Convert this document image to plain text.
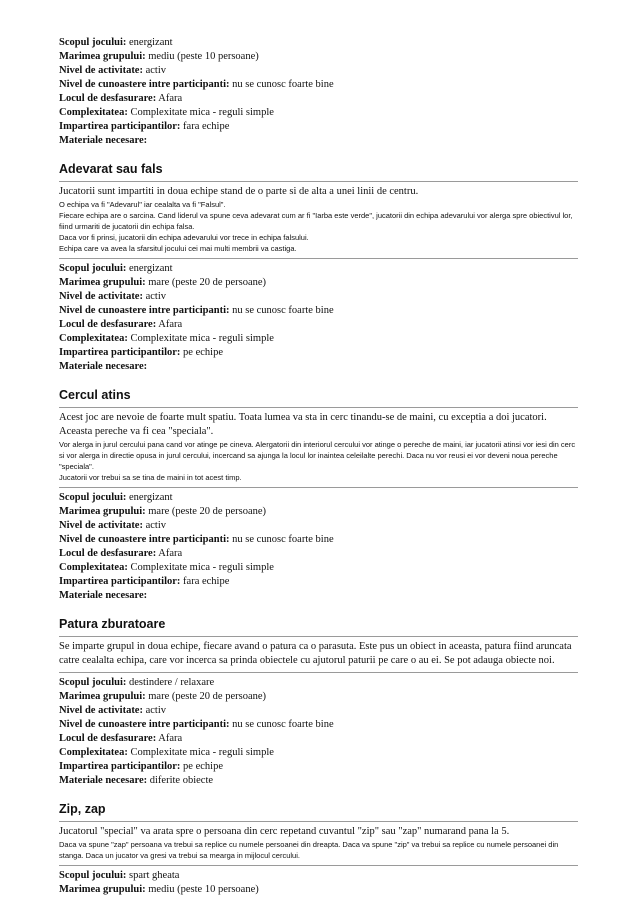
Scopul jocului: energizant
Marimea grupului: mediu (peste 10 persoane)
Nivel de activitate: activ
Nivel de cunoastere intre participanti: nu se cunosc foarte bine
Locul de desfasurare: Afara
Complexitatea: Complexitate mica - reguli simple
Impartirea participantilor: fara echipe
Materiale necesare:
Adevarat sau fals
Jucatorii sunt impartiti in doua echipe stand de o parte si de alta a unei linii de centru.
O echipa va fi "Adevarul" iar cealalta va fi "Falsul".
Fiecare echipa are o sarcina. Cand liderul va spune ceva adevarat cum ar fi "Iarba este verde", jucatorii din echipa adevarului vor alerga spre obiectivul lor, fiind urmariti de jucatorii din echipa falsa.
Daca vor fi prinsi, jucatorii din echipa adevarului vor trece in echipa falsului.
Echipa care va avea la sfarsitul jocului cei mai multi membrii va castiga.
Scopul jocului: energizant
Marimea grupului: mare (peste 20 de persoane)
Nivel de activitate: activ
Nivel de cunoastere intre participanti: nu se cunosc foarte bine
Locul de desfasurare: Afara
Complexitatea: Complexitate mica - reguli simple
Impartirea participantilor: pe echipe
Materiale necesare:
Cercul atins
Acest joc are nevoie de foarte mult spatiu. Toata lumea va sta in cerc tinandu-se de maini, cu exceptia a doi jucatori. Aceasta pereche va fi cea "speciala".
Vor alerga in jurul cercului pana cand vor atinge pe cineva. Alergatorii din interiorul cercului vor atinge o pereche de maini, iar jucatorii atinsi vor iesi din cerc si vor alerga in directie opusa in jurul cercului, incercand sa ajunga la locul lor inaintea celeilalte perechi. Daca nu vor reusi ei vor deveni noua pereche "speciala".
Jucatorii vor trebui sa se tina de maini in tot acest timp.
Scopul jocului: energizant
Marimea grupului: mare (peste 20 de persoane)
Nivel de activitate: activ
Nivel de cunoastere intre participanti: nu se cunosc foarte bine
Locul de desfasurare: Afara
Complexitatea: Complexitate mica - reguli simple
Impartirea participantilor: fara echipe
Materiale necesare:
Patura zburatoare
Se imparte grupul in doua echipe, fiecare avand o patura ca o parasuta. Este pus un obiect in aceasta, patura fiind aruncata catre cealalta echipa, care vor incerca sa prinda obiectele cu ajutorul paturii pe care o au ei. Se pot adauga obiecte noi.
Scopul jocului: destindere / relaxare
Marimea grupului: mare (peste 20 de persoane)
Nivel de activitate: activ
Nivel de cunoastere intre participanti: nu se cunosc foarte bine
Locul de desfasurare: Afara
Complexitatea: Complexitate mica - reguli simple
Impartirea participantilor: pe echipe
Materiale necesare: diferite obiecte
Zip, zap
Jucatorul "special" va arata spre o persoana din cerc repetand cuvantul "zip" sau "zap" numarand pana la 5.
Daca va spune "zap" persoana va trebui sa replice cu numele persoanei din dreapta. Daca va spune "zip" va trebui sa replice cu numele persoanei din stanga. Daca un jucator va gresi va trebui sa mearga in mijlocul cercului.
Scopul jocului: spart gheata
Marimea grupului: mediu (peste 10 persoane)
